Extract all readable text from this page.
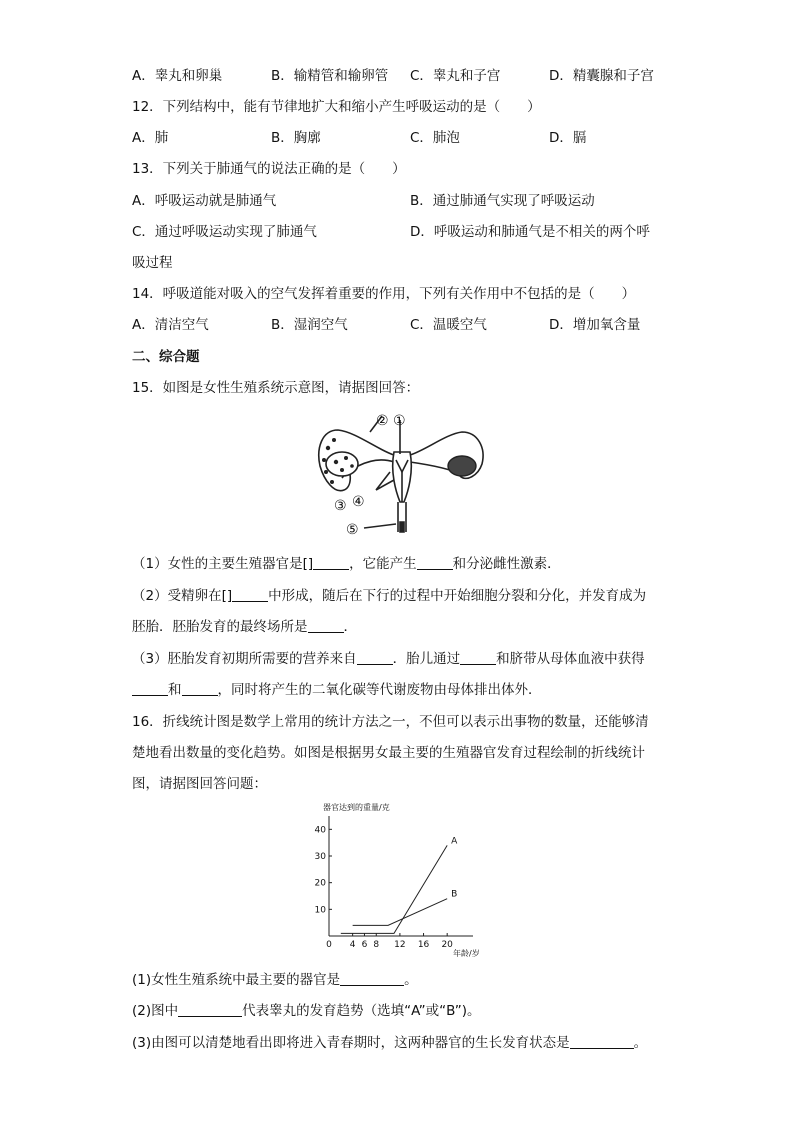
A．睾丸和卵巢	B．输精管和输卵管 C．睾丸和子宫	D．精囊腺和子宫
12．下列结构中，能有节律地扩大和缩小产生呼吸运动的是（　　）
A．肺	B．胸廓	C．肺泡	D．膈
13．下列关于肺通气的说法正确的是（　　）
A．呼吸运动就是肺通气	B．通过肺通气实现了呼吸运动
C．通过呼吸运动实现了肺通气	D．呼吸运动和肺通气是不相关的两个呼
吸过程
14．呼吸道能对吸入的空气发挥着重要的作用，下列有关作用中不包括的是（　　）
A．清洁空气	B．湿润空气	C．温暖空气	D．增加氧含量
二、综合题
15．如图是女性生殖系统示意图，请据图回答：
①
②
③ ④
⑤
（1）女性的主要生殖器官是[]	，它能产生	和分泌雌性激素．
（2）受精卵在[]	中形成，随后在下行的过程中开始细胞分裂和分化，并发育成为
胚胎．胚胎发育的最终场所是	．
（3）胚胎发育初期所需要的营养来自	．胎儿通过	和脐带从母体血液中获得
和	，同时将产生的二氧化碳等代谢废物由母体排出体外．
16．折线统计图是数学上常用的统计方法之一，不但可以表示出事物的数量，还能够清
楚地看出数量的变化趋势。如图是根据男女最主要的生殖器官发育过程绘制的折线统计
图，请据图回答问题：
器官达到的重量/克
年龄/岁
10
20
30
40
0 4 6 8 12 16 20
A
B
(1)女性生殖系统中最主要的器官是	。
(2)图中	代表睾丸的发育趋势（选填“A”或“B”)。
(3)由图可以清楚地看出即将进入青春期时，这两种器官的生长发育状态是	。
